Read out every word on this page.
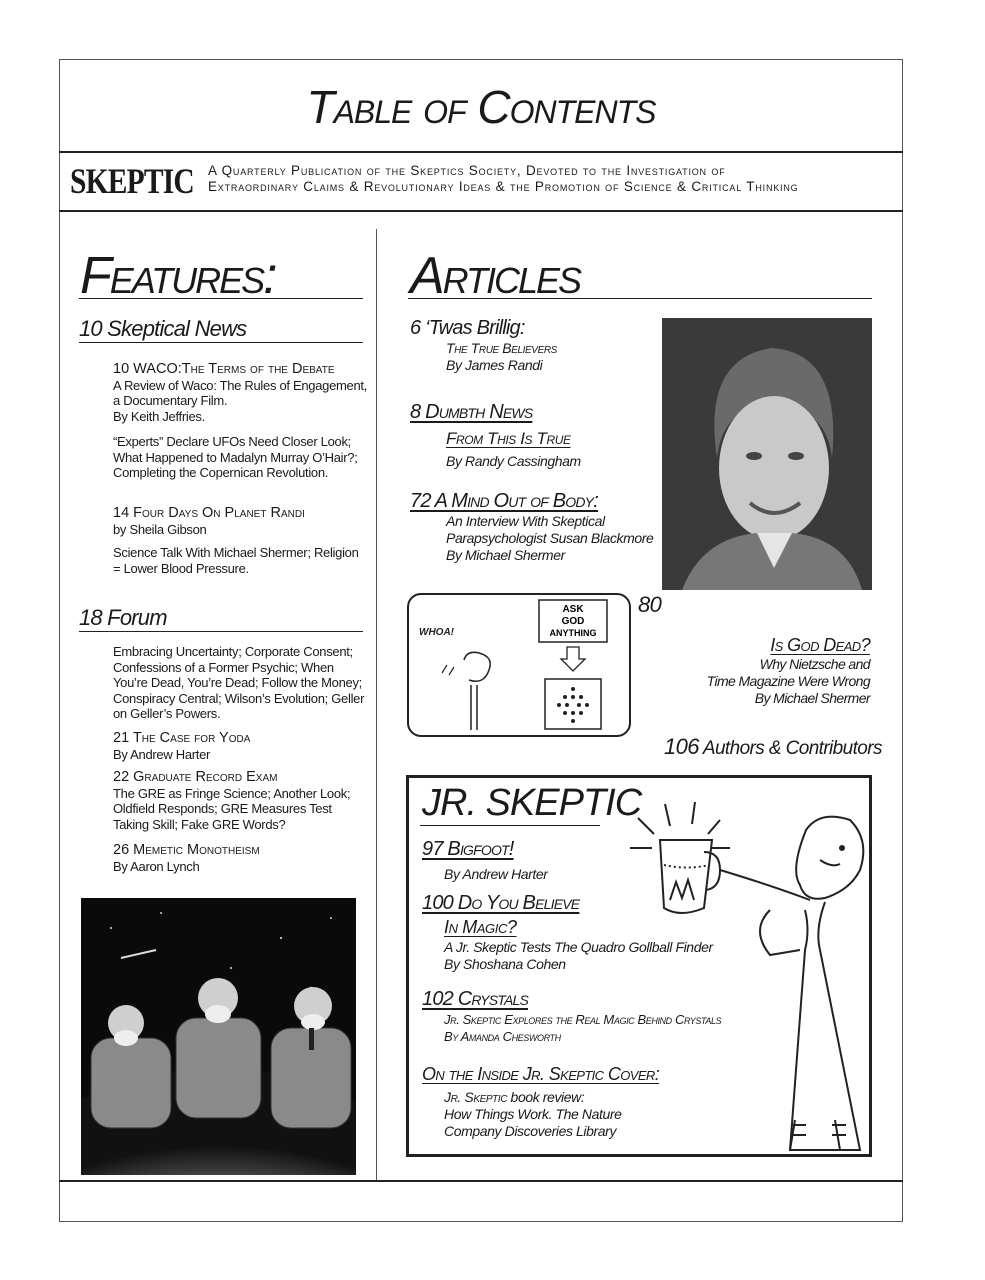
Table of Contents
SKEPTIC A Quarterly Publication of the Skeptics Society, Devoted to the Investigation of
Extraordinary Claims & Revolutionary Ideas & the Promotion of Science & Critical Thinking
Features:
10 Skeptical News
10 WACO:The Terms of the Debate
A Review of Waco: The Rules of Engagement, a Documentary Film.
By Keith Jeffries.
“Experts” Declare UFOs Need Closer Look; What Happened to Madalyn Murray O’Hair?; Completing the Copernican Revolution.
14 Four Days On Planet Randi
by Sheila Gibson
Science Talk With Michael Shermer; Religion = Lower Blood Pressure.
18 Forum
Embracing Uncertainty; Corporate Consent; Confessions of a Former Psychic; When You’re Dead, You’re Dead; Follow the Money; Conspiracy Central; Wilson’s Evolution; Geller on Geller’s Powers.
21 The Case for Yoda
By Andrew Harter
22 Graduate Record Exam
The GRE as Fringe Science; Another Look; Oldfield Responds; GRE Measures Test Taking Skill; Fake GRE Words?
26 Memetic Monotheism
By Aaron Lynch
Articles
6 ‘Twas Brillig:
The True Believers
By James Randi
8 Dumbth News
From This Is True
By Randy Cassingham
72 A Mind Out of Body:
An Interview With Skeptical
Parapsychologist Susan Blackmore
By Michael Shermer
WHOA!
ASK
GOD
ANYTHING
80
Is God Dead?
Why Nietzsche and
Time Magazine Were Wrong
By Michael Shermer
106 Authors & Contributors
JR. SKEPTIC
97 Bigfoot!
By Andrew Harter
100 Do You Believe
In Magic?
A Jr. Skeptic Tests The Quadro Gollball Finder
By Shoshana Cohen
102 Crystals
Jr. Skeptic Explores the Real Magic Behind Crystals
By Amanda Chesworth
On the Inside Jr. Skeptic Cover:
Jr. Skeptic book review:
How Things Work. The Nature
Company Discoveries Library
